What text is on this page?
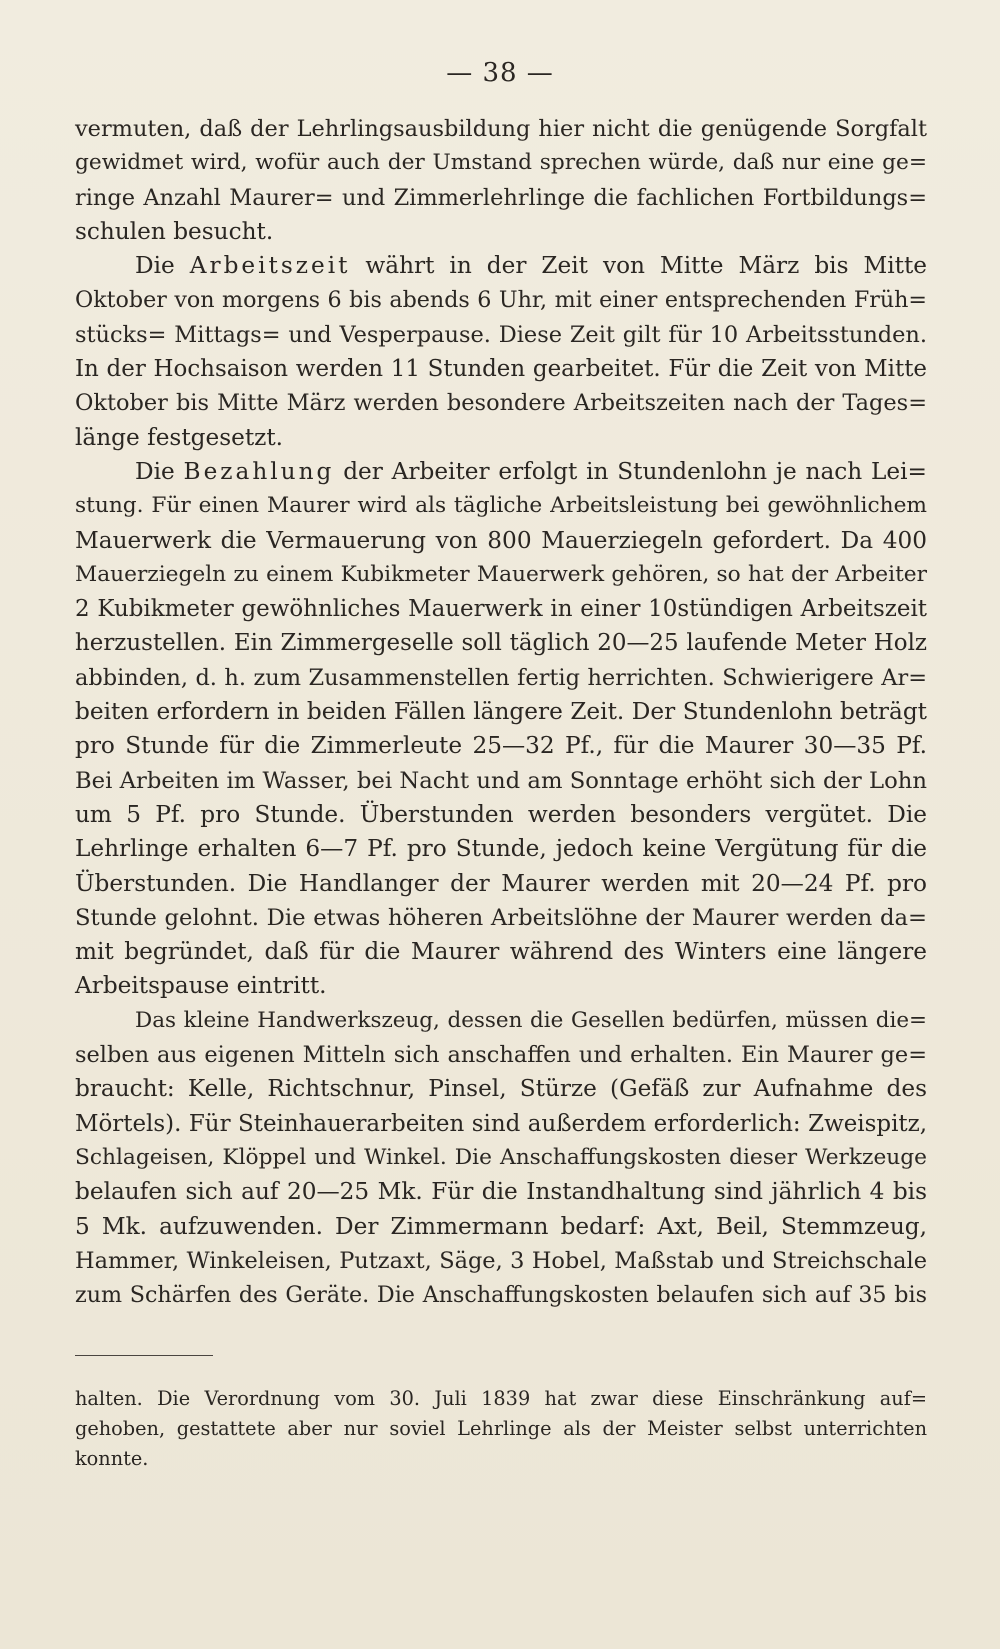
— 38 —
vermuten, daß der Lehrlingsausbildung hier nicht die genügende Sorgfalt
gewidmet wird, wofür auch der Umstand sprechen würde, daß nur eine ge=
ringe Anzahl Maurer= und Zimmerlehrlinge die fachlichen Fortbildungs=
schulen besucht.
Die Arbeitszeit währt in der Zeit von Mitte März bis Mitte
Oktober von morgens 6 bis abends 6 Uhr, mit einer entsprechenden Früh=
stücks= Mittags= und Vesperpause. Diese Zeit gilt für 10 Arbeitsstunden.
In der Hochsaison werden 11 Stunden gearbeitet. Für die Zeit von Mitte
Oktober bis Mitte März werden besondere Arbeitszeiten nach der Tages=
länge festgesetzt.
Die Bezahlung der Arbeiter erfolgt in Stundenlohn je nach Lei=
stung. Für einen Maurer wird als tägliche Arbeitsleistung bei gewöhnlichem
Mauerwerk die Vermauerung von 800 Mauerziegeln gefordert. Da 400
Mauerziegeln zu einem Kubikmeter Mauerwerk gehören, so hat der Arbeiter
2 Kubikmeter gewöhnliches Mauerwerk in einer 10stündigen Arbeitszeit
herzustellen. Ein Zimmergeselle soll täglich 20—25 laufende Meter Holz
abbinden, d. h. zum Zusammenstellen fertig herrichten. Schwierigere Ar=
beiten erfordern in beiden Fällen längere Zeit. Der Stundenlohn beträgt
pro Stunde für die Zimmerleute 25—32 Pf., für die Maurer 30—35 Pf.
Bei Arbeiten im Wasser, bei Nacht und am Sonntage erhöht sich der Lohn
um 5 Pf. pro Stunde. Überstunden werden besonders vergütet. Die
Lehrlinge erhalten 6—7 Pf. pro Stunde, jedoch keine Vergütung für die
Überstunden. Die Handlanger der Maurer werden mit 20—24 Pf. pro
Stunde gelohnt. Die etwas höheren Arbeitslöhne der Maurer werden da=
mit begründet, daß für die Maurer während des Winters eine längere
Arbeitspause eintritt.
Das kleine Handwerkszeug, dessen die Gesellen bedürfen, müssen die=
selben aus eigenen Mitteln sich anschaffen und erhalten. Ein Maurer ge=
braucht: Kelle, Richtschnur, Pinsel, Stürze (Gefäß zur Aufnahme des
Mörtels). Für Steinhauerarbeiten sind außerdem erforderlich: Zweispitz,
Schlageisen, Klöppel und Winkel. Die Anschaffungskosten dieser Werkzeuge
belaufen sich auf 20—25 Mk. Für die Instandhaltung sind jährlich 4 bis
5 Mk. aufzuwenden. Der Zimmermann bedarf: Axt, Beil, Stemmzeug,
Hammer, Winkeleisen, Putzaxt, Säge, 3 Hobel, Maßstab und Streichschale
zum Schärfen des Geräte. Die Anschaffungskosten belaufen sich auf 35 bis
halten. Die Verordnung vom 30. Juli 1839 hat zwar diese Einschränkung auf=
gehoben, gestattete aber nur soviel Lehrlinge als der Meister selbst unterrichten
konnte.
